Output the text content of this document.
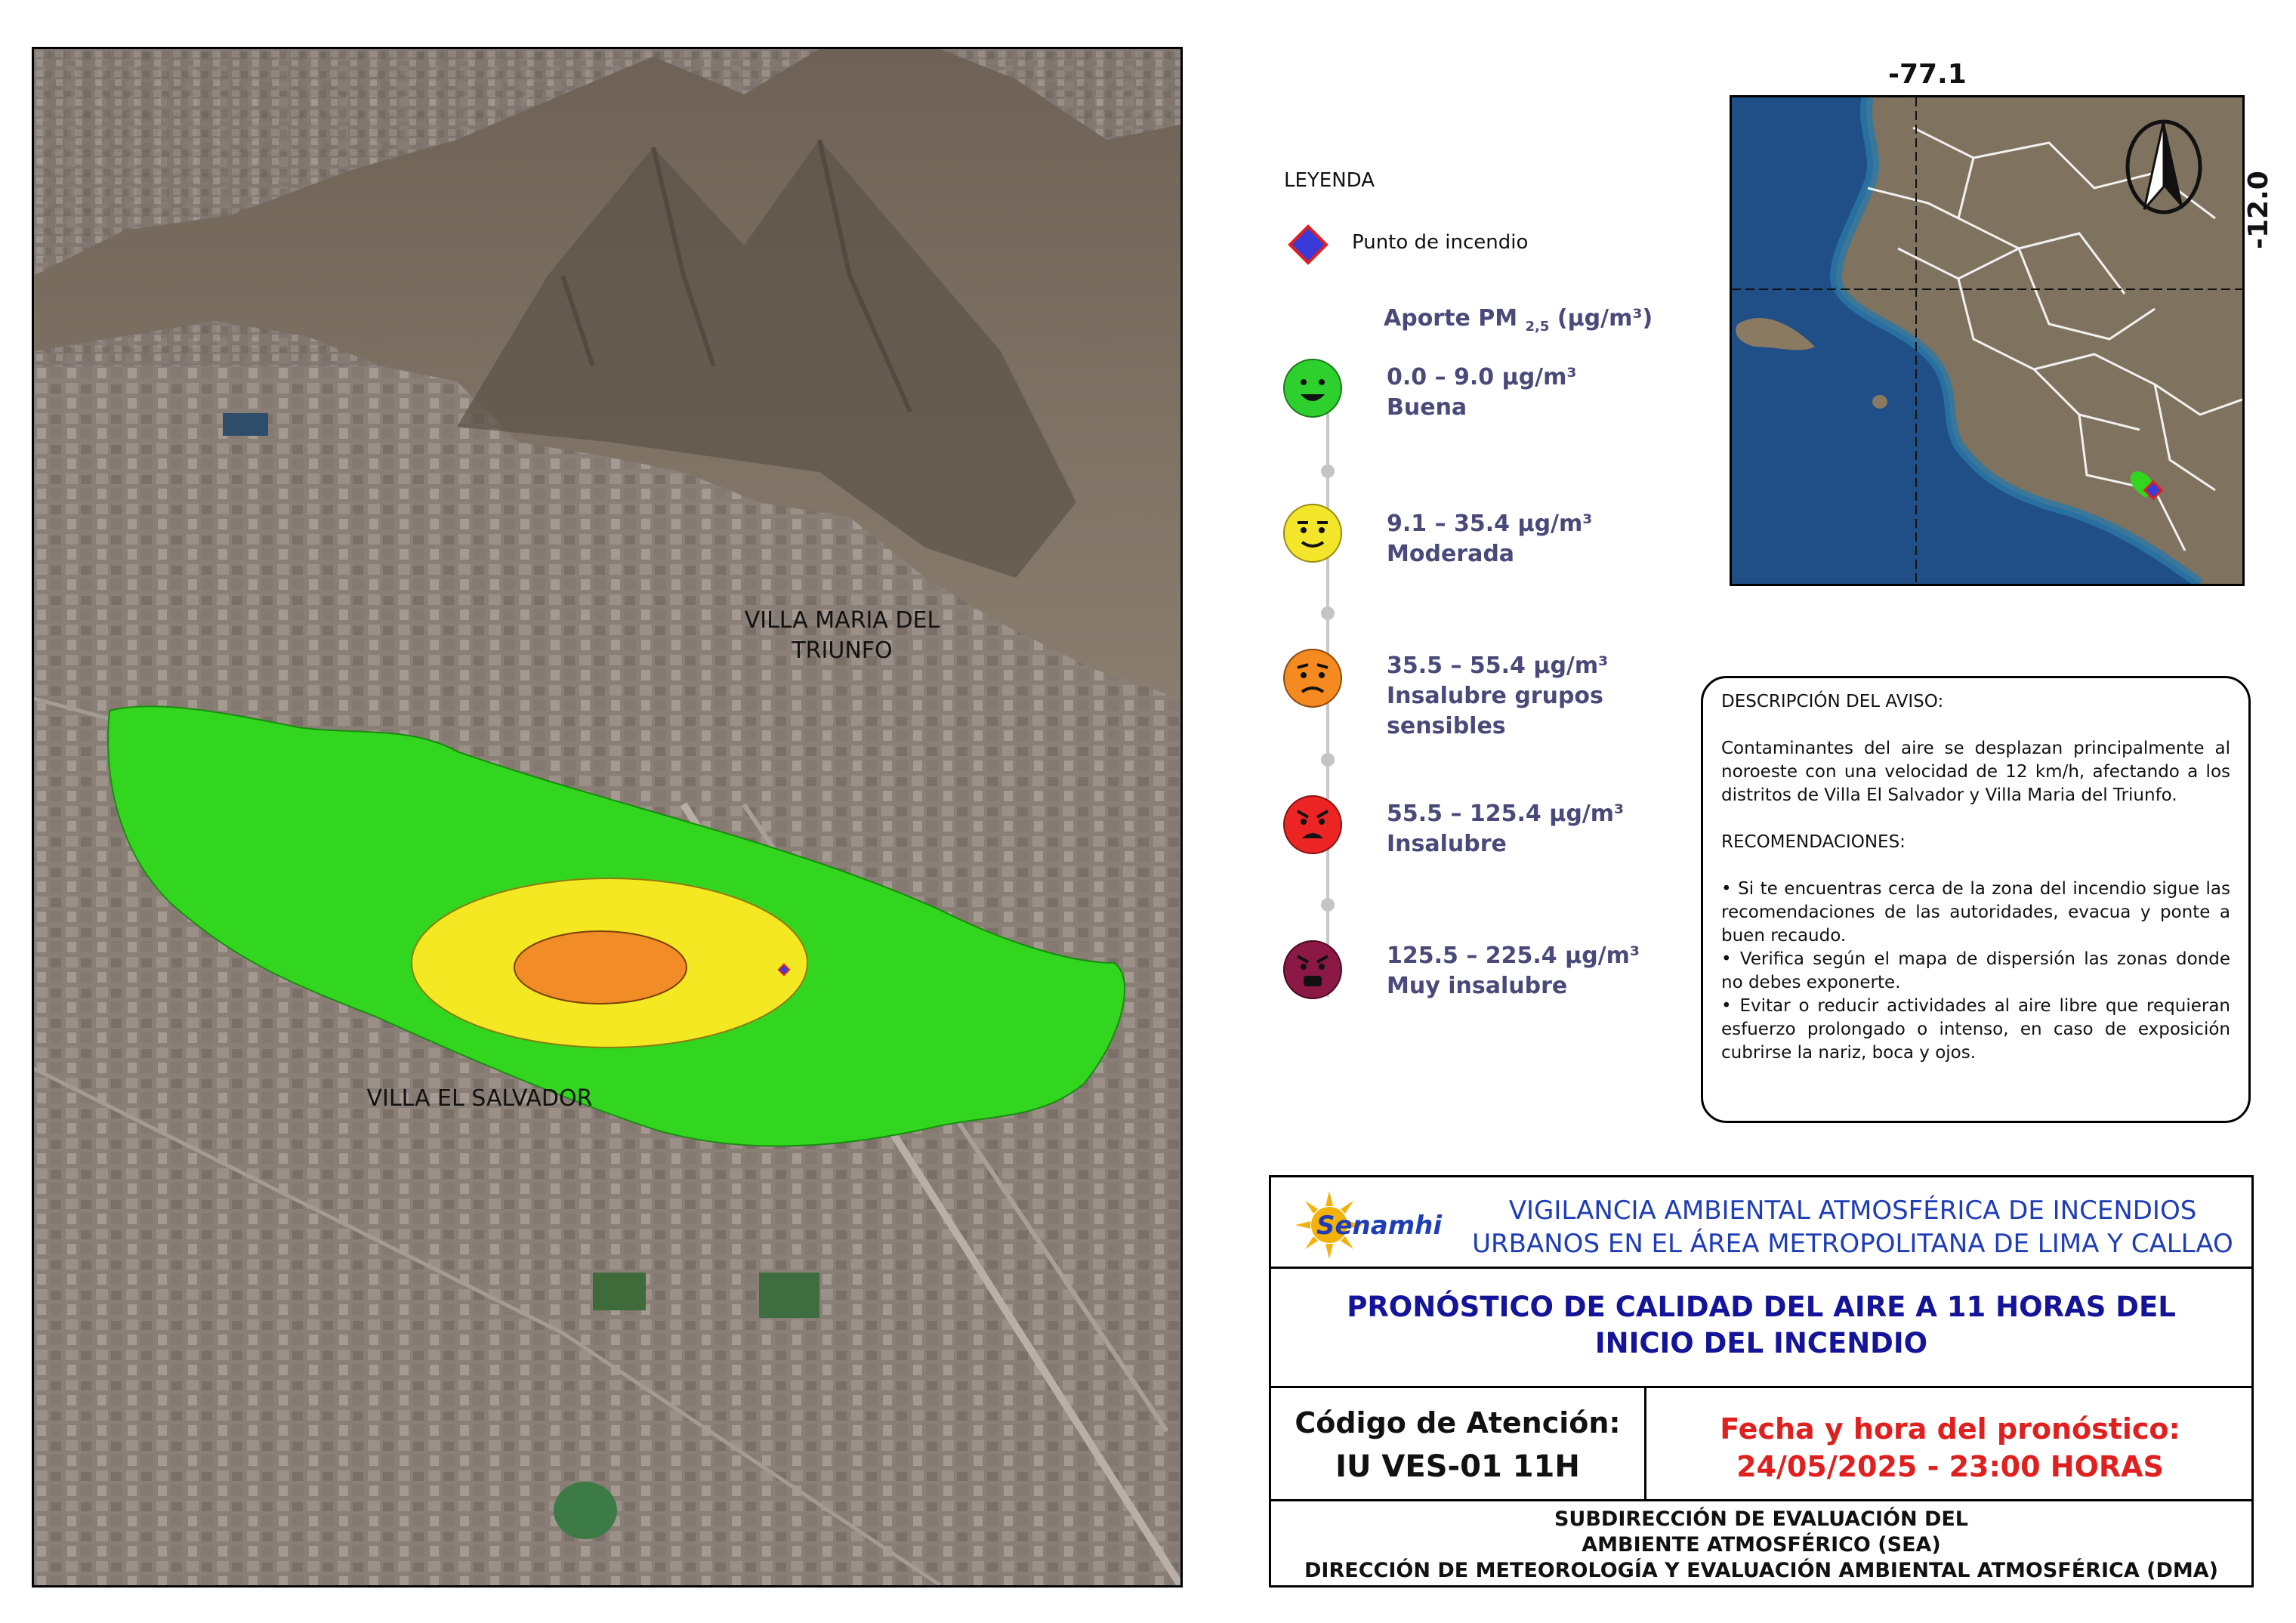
VILLA MARIA DEL
TRIUNFO
VILLA EL SALVADOR
LEYENDA
Punto de incendio
Aporte PM $_{2,5}$ (µg/m³)
0.0 – 9.0 µg/m³
Buena
9.1 – 35.4 µg/m³
Moderada
35.5 – 55.4 µg/m³
Insalubre grupos
sensibles
55.5 – 125.4 µg/m³
Insalubre
125.5 – 225.4 µg/m³
Muy insalubre
-77.1
-12.0

DESCRIPCIÓN DEL AVISO:

Contaminantes del aire se desplazan principalmente al noroeste con una velocidad de 12 km/h, afectando a los distritos de Villa El Salvador y Villa Maria del Triunfo.

RECOMENDACIONES:

• Si te encuentras cerca de la zona del incendio sigue las recomendaciones de las autoridades, evacua y ponte a buen recaudo.

• Verifica según el mapa de dispersión las zonas donde no debes exponerte.

• Evitar o reducir actividades al aire libre que requieran esfuerzo prolongado o intenso, en caso de exposición cubrirse la nariz, boca y ojos.

Senamhi	VIGILANCIA AMBIENTAL ATMOSFÉRICA DE INCENDIOS
URBANOS EN EL ÁREA METROPOLITANA DE LIMA Y CALLAO
PRONÓSTICO DE CALIDAD DEL AIRE A 11 HORAS DEL
INICIO DEL INCENDIO
Código de Atención:
IU VES-01 11H
Fecha y hora del pronóstico:
24/05/2025 - 23:00 HORAS
SUBDIRECCIÓN DE EVALUACIÓN DEL
AMBIENTE ATMOSFÉRICO (SEA)
DIRECCIÓN DE METEOROLOGÍA Y EVALUACIÓN AMBIENTAL ATMOSFÉRICA (DMA)
